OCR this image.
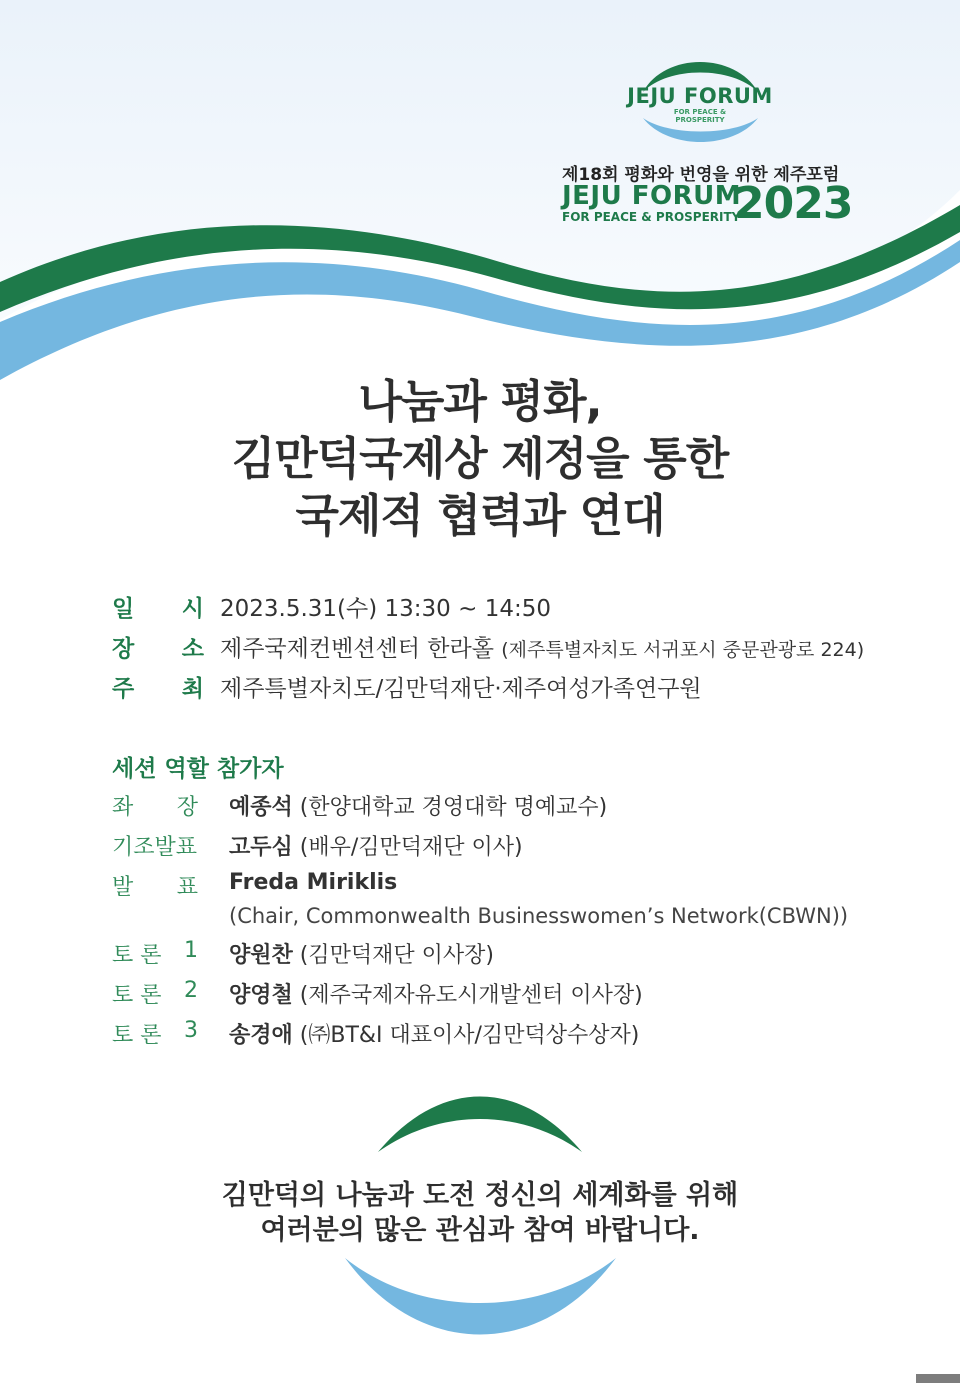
JEJU FORUM
FOR PEACE &
PROSPERITY
제18회 평화와 번영을 위한 제주포럼
JEJU FORUM
FOR PEACE & PROSPERITY
2023
나눔과 평화,
김만덕국제상 제정을 통한
국제적 협력과 연대
일 시 2023.5.31(수) 13:30 ~ 14:50
장 소 제주국제컨벤션센터 한라홀 (제주특별자치도 서귀포시 중문관광로 224)
주 최 제주특별자치도/김만덕재단·제주여성가족연구원
세션 역할 참가자
좌 장 예종석 (한양대학교 경영대학 명예교수)
기조발표 고두심 (배우/김만덕재단 이사)
발 표 Freda Miriklis
(Chair, Commonwealth Businesswomen’s Network(CBWN))
토 론 1 양원찬 (김만덕재단 이사장)
토 론 2 양영철 (제주국제자유도시개발센터 이사장)
토 론 3 송경애 (㈜BT&I 대표이사/김만덕상수상자)
김만덕의 나눔과 도전 정신의 세계화를 위해
여러분의 많은 관심과 참여 바랍니다.
